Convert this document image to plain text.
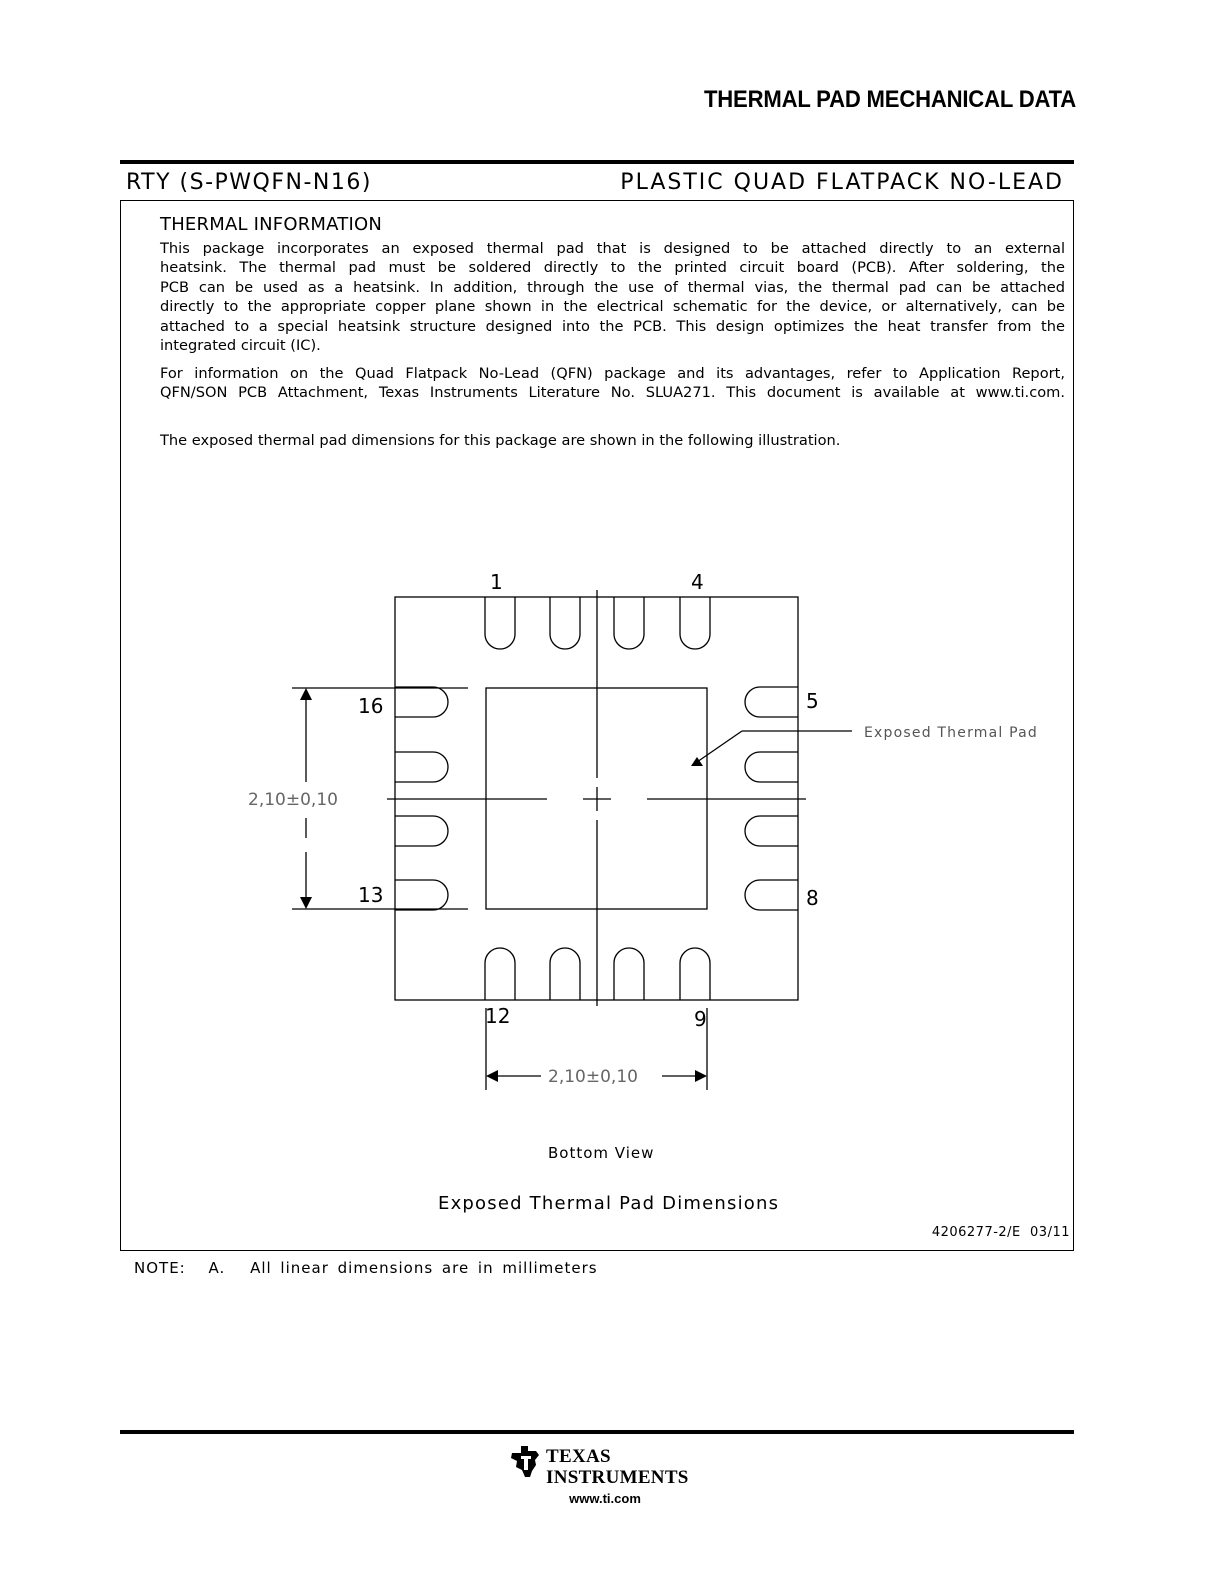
THERMAL PAD MECHANICAL DATA
RTY (S-PWQFN-N16)	PLASTIC QUAD FLATPACK NO-LEAD
THERMAL INFORMATION
This package incorporates an exposed thermal pad that is designed to be attached directly to an external
heatsink. The thermal pad must be soldered directly to the printed circuit board (PCB). After soldering, the
PCB can be used as a heatsink. In addition, through the use of thermal vias, the thermal pad can be attached
directly to the appropriate copper plane shown in the electrical schematic for the device, or alternatively, can be
attached to a special heatsink structure designed into the PCB. This design optimizes the heat transfer from the
integrated circuit (IC).
For information on the Quad Flatpack No-Lead (QFN) package and its advantages, refer to Application Report,
QFN/SON PCB Attachment, Texas Instruments Literature No. SLUA271. This document is available at www.ti.com.
The exposed thermal pad dimensions for this package are shown in the following illustration.
1	4
5
8
9
12
13
16
Exposed Thermal Pad
2,10±0,10
2,10±0,10
Bottom View
Exposed Thermal Pad Dimensions
4206277-2/E  03/11
NOTE: A. All linear dimensions are in millimeters
TEXAS
INSTRUMENTS
www.ti.com
